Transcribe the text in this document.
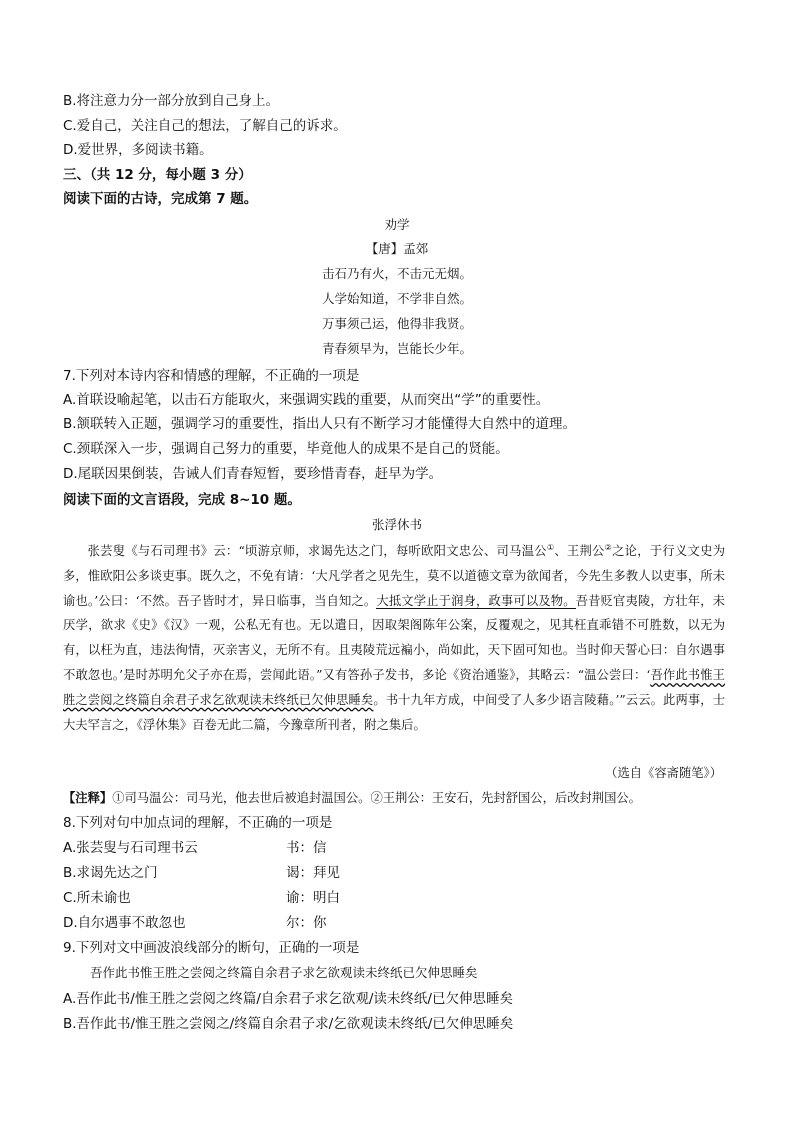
B.将注意力分一部分放到自己身上。
C.爱自己，关注自己的想法，了解自己的诉求。
D.爱世界，多阅读书籍。
三、（共 12 分，每小题 3 分）
阅读下面的古诗，完成第 7 题。
劝学
【唐】孟郊
击石乃有火，不击元无烟。
人学始知道，不学非自然。
万事须己运，他得非我贤。
青春须早为，岂能长少年。
7.下列对本诗内容和情感的理解，不正确的一项是
A.首联设喻起笔，以击石方能取火，来强调实践的重要，从而突出“学”的重要性。
B.颔联转入正题，强调学习的重要性，指出人只有不断学习才能懂得大自然中的道理。
C.颈联深入一步，强调自己努力的重要，毕竟他人的成果不是自己的贤能。
D.尾联因果倒装，告诫人们青春短暂，要珍惜青春，赶早为学。
阅读下面的文言语段，完成 8~10 题。
张浮休书
张芸叟《与石司理书》云：“顷游京师，求谒先达之门，每听欧阳文忠公、司马温公①、王荆公②之论，于行义文史为多，惟欧阳公多谈吏事。既久之，不免有请：‘大凡学者之见先生，莫不以道德文章为欲闻者，今先生多教人以吏事，所未谕也。’公曰：‘不然。吾子皆时才，异日临事，当自知之。大抵文学止于润身，政事可以及物。吾昔贬官夷陵，方壮年，未厌学，欲求《史》《汉》一观，公私无有也。无以遣日，因取架阁陈年公案，反覆观之，见其枉直乖错不可胜数，以无为有，以枉为直，违法徇情，灭亲害义，无所不有。且夷陵荒远褊小，尚如此，天下固可知也。当时仰天誓心曰：自尔遇事不敢忽也。’是时苏明允父子亦在焉，尝闻此语。”又有答孙子发书，多论《资治通鉴》，其略云：“温公尝曰：‘吾作此书惟王胜之尝阅之终篇自余君子求乞欲观读未终纸已欠伸思睡矣。书十九年方成，中间受了人多少语言陵藉。’”云云。此两事，士大夫罕言之，《浮休集》百卷无此二篇，今豫章所刊者，附之集后。
（选自《容斋随笔》）
【注释】①司马温公：司马光，他去世后被追封温国公。②王荆公：王安石，先封舒国公，后改封荆国公。
8.下列对句中加点词的理解，不正确的一项是
A.张芸叟与石司理书云	书：信
B.求谒先达之门	谒：拜见
C.所未谕也	谕：明白
D.自尔遇事不敢忽也	尔：你
9.下列对文中画波浪线部分的断句，正确的一项是
吾作此书惟王胜之尝阅之终篇自余君子求乞欲观读未终纸已欠伸思睡矣
A.吾作此书/惟王胜之尝阅之终篇/自余君子求乞欲观/读未终纸/已欠伸思睡矣
B.吾作此书/惟王胜之尝阅之/终篇自余君子求/乞欲观读未终纸/已欠伸思睡矣
